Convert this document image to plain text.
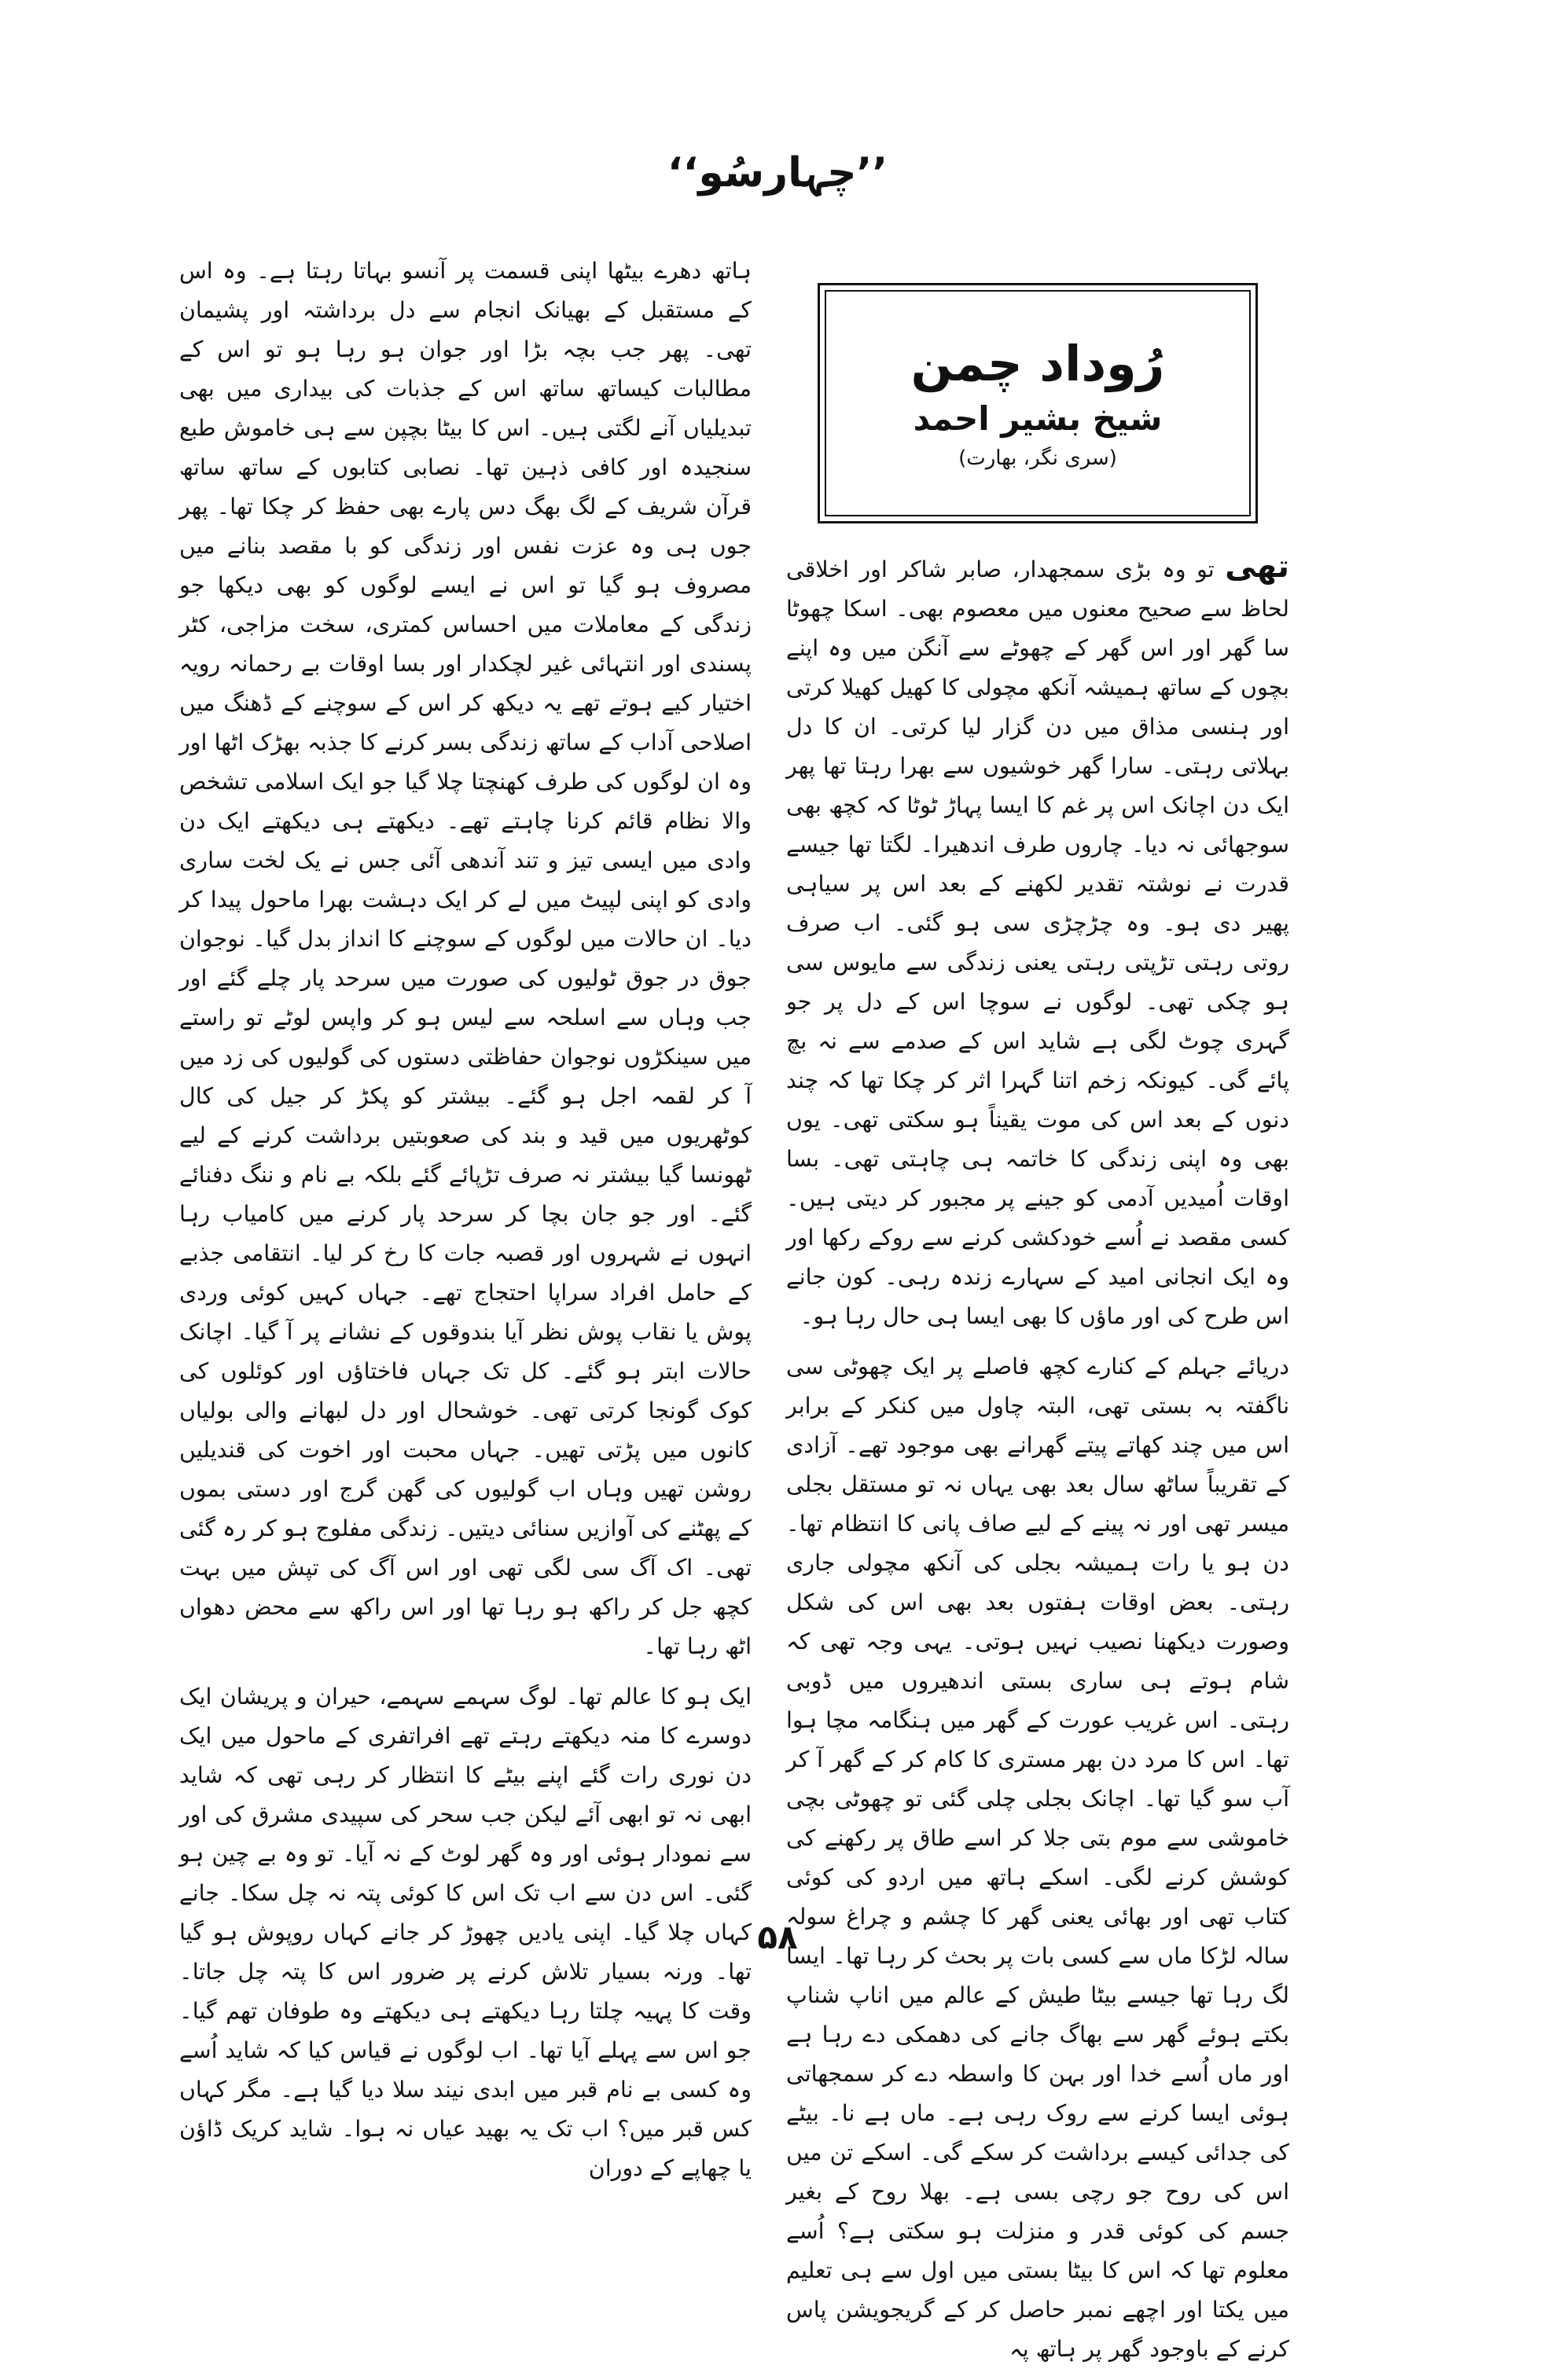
’’چہارسُو‘‘
رُوداد چمن
شیخ بشیر احمد
(سری نگر، بھارت)

تھی تو وہ بڑی سمجھدار، صابر شاکر اور اخلاقی لحاظ سے صحیح معنوں میں معصوم بھی۔ اسکا چھوٹا سا گھر اور اس گھر کے چھوٹے سے آنگن میں وہ اپنے بچوں کے ساتھ ہمیشہ آنکھ مچولی کا کھیل کھیلا کرتی اور ہنسی مذاق میں دن گزار لیا کرتی۔ ان کا دل بہلاتی رہتی۔ سارا گھر خوشیوں سے بھرا رہتا تھا پھر ایک دن اچانک اس پر غم کا ایسا پہاڑ ٹوٹا کہ کچھ بھی سوجھائی نہ دیا۔ چاروں طرف اندھیرا۔ لگتا تھا جیسے قدرت نے نوشتہ تقدیر لکھنے کے بعد اس پر سیاہی پھیر دی ہو۔ وہ چڑچڑی سی ہو گئی۔ اب صرف روتی رہتی تڑپتی رہتی یعنی زندگی سے مایوس سی ہو چکی تھی۔ لوگوں نے سوچا اس کے دل پر جو گہری چوٹ لگی ہے شاید اس کے صدمے سے نہ بچ پائے گی۔ کیونکہ زخم اتنا گہرا اثر کر چکا تھا کہ چند دنوں کے بعد اس کی موت یقیناً ہو سکتی تھی۔ یوں بھی وہ اپنی زندگی کا خاتمہ ہی چاہتی تھی۔ بسا اوقات اُمیدیں آدمی کو جینے پر مجبور کر دیتی ہیں۔ کسی مقصد نے اُسے خودکشی کرنے سے روکے رکھا اور وہ ایک انجانی امید کے سہارے زندہ رہی۔ کون جانے اس طرح کی اور ماؤں کا بھی ایسا ہی حال رہا ہو۔

دریائے جہلم کے کنارے کچھ فاصلے پر ایک چھوٹی سی ناگفتہ بہ بستی تھی، البتہ چاول میں کنکر کے برابر اس میں چند کھاتے پیتے گھرانے بھی موجود تھے۔ آزادی کے تقریباً ساٹھ سال بعد بھی یہاں نہ تو مستقل بجلی میسر تھی اور نہ پینے کے لیے صاف پانی کا انتظام تھا۔ دن ہو یا رات ہمیشہ بجلی کی آنکھ مچولی جاری رہتی۔ بعض اوقات ہفتوں بعد بھی اس کی شکل وصورت دیکھنا نصیب نہیں ہوتی۔ یہی وجہ تھی کہ شام ہوتے ہی ساری بستی اندھیروں میں ڈوبی رہتی۔ اس غریب عورت کے گھر میں ہنگامہ مچا ہوا تھا۔ اس کا مرد دن بھر مستری کا کام کر کے گھر آ کر آب سو گیا تھا۔ اچانک بجلی چلی گئی تو چھوٹی بچی خاموشی سے موم بتی جلا کر اسے طاق پر رکھنے کی کوشش کرنے لگی۔ اسکے ہاتھ میں اردو کی کوئی کتاب تھی اور بھائی یعنی گھر کا چشم و چراغ سولہ سالہ لڑکا ماں سے کسی بات پر بحث کر رہا تھا۔ ایسا لگ رہا تھا جیسے بیٹا طیش کے عالم میں اناپ شناپ بکتے ہوئے گھر سے بھاگ جانے کی دھمکی دے رہا ہے اور ماں اُسے خدا اور بہن کا واسطہ دے کر سمجھاتی ہوئی ایسا کرنے سے روک رہی ہے۔ ماں ہے نا۔ بیٹے کی جدائی کیسے برداشت کر سکے گی۔ اسکے تن میں اس کی روح جو رچی بسی ہے۔ بھلا روح کے بغیر جسم کی کوئی قدر و منزلت ہو سکتی ہے؟ اُسے معلوم تھا کہ اس کا بیٹا بستی میں اول سے ہی تعلیم میں یکتا اور اچھے نمبر حاصل کر کے گریجویشن پاس کرنے کے باوجود گھر پر ہاتھ پہ

ہاتھ دھرے بیٹھا اپنی قسمت پر آنسو بہاتا رہتا ہے۔ وہ اس کے مستقبل کے بھیانک انجام سے دل برداشتہ اور پشیمان تھی۔ پھر جب بچہ بڑا اور جوان ہو رہا ہو تو اس کے مطالبات کیساتھ ساتھ اس کے جذبات کی بیداری میں بھی تبدیلیاں آنے لگتی ہیں۔ اس کا بیٹا بچپن سے ہی خاموش طبع سنجیدہ اور کافی ذہین تھا۔ نصابی کتابوں کے ساتھ ساتھ قرآن شریف کے لگ بھگ دس پارے بھی حفظ کر چکا تھا۔ پھر جوں ہی وہ عزت نفس اور زندگی کو با مقصد بنانے میں مصروف ہو گیا تو اس نے ایسے لوگوں کو بھی دیکھا جو زندگی کے معاملات میں احساس کمتری، سخت مزاجی، کٹر پسندی اور انتہائی غیر لچکدار اور بسا اوقات بے رحمانہ رویہ اختیار کیے ہوتے تھے یہ دیکھ کر اس کے سوچنے کے ڈھنگ میں اصلاحی آداب کے ساتھ زندگی بسر کرنے کا جذبہ بھڑک اٹھا اور وہ ان لوگوں کی طرف کھنچتا چلا گیا جو ایک اسلامی تشخص والا نظام قائم کرنا چاہتے تھے۔ دیکھتے ہی دیکھتے ایک دن وادی میں ایسی تیز و تند آندھی آئی جس نے یک لخت ساری وادی کو اپنی لپیٹ میں لے کر ایک دہشت بھرا ماحول پیدا کر دیا۔ ان حالات میں لوگوں کے سوچنے کا انداز بدل گیا۔ نوجوان جوق در جوق ٹولیوں کی صورت میں سرحد پار چلے گئے اور جب وہاں سے اسلحہ سے لیس ہو کر واپس لوٹے تو راستے میں سینکڑوں نوجوان حفاظتی دستوں کی گولیوں کی زد میں آ کر لقمہ اجل ہو گئے۔ بیشتر کو پکڑ کر جیل کی کال کوٹھریوں میں قید و بند کی صعوبتیں برداشت کرنے کے لیے ٹھونسا گیا بیشتر نہ صرف تڑپائے گئے بلکہ بے نام و ننگ دفنائے گئے۔ اور جو جان بچا کر سرحد پار کرنے میں کامیاب رہا انہوں نے شہروں اور قصبہ جات کا رخ کر لیا۔ انتقامی جذبے کے حامل افراد سراپا احتجاج تھے۔ جہاں کہیں کوئی وردی پوش یا نقاب پوش نظر آیا بندوقوں کے نشانے پر آ گیا۔ اچانک حالات ابتر ہو گئے۔ کل تک جہاں فاختاؤں اور کوئلوں کی کوک گونجا کرتی تھی۔ خوشحال اور دل لبھانے والی بولیاں کانوں میں پڑتی تھیں۔ جہاں محبت اور اخوت کی قندیلیں روشن تھیں وہاں اب گولیوں کی گھن گرج اور دستی بموں کے پھٹنے کی آوازیں سنائی دیتیں۔ زندگی مفلوج ہو کر رہ گئی تھی۔ اک آگ سی لگی تھی اور اس آگ کی تپش میں بہت کچھ جل کر راکھ ہو رہا تھا اور اس راکھ سے محض دھواں اٹھ رہا تھا۔

ایک ہو کا عالم تھا۔ لوگ سہمے سہمے، حیران و پریشان ایک دوسرے کا منہ دیکھتے رہتے تھے افراتفری کے ماحول میں ایک دن نوری رات گئے اپنے بیٹے کا انتظار کر رہی تھی کہ شاید ابھی نہ تو ابھی آئے لیکن جب سحر کی سپیدی مشرق کی اور سے نمودار ہوئی اور وہ گھر لوٹ کے نہ آیا۔ تو وہ بے چین ہو گئی۔ اس دن سے اب تک اس کا کوئی پتہ نہ چل سکا۔ جانے کہاں چلا گیا۔ اپنی یادیں چھوڑ کر جانے کہاں روپوش ہو گیا تھا۔ ورنہ بسیار تلاش کرنے پر ضرور اس کا پتہ چل جاتا۔ وقت کا پہیہ چلتا رہا دیکھتے ہی دیکھتے وہ طوفان تھم گیا۔ جو اس سے پہلے آیا تھا۔ اب لوگوں نے قیاس کیا کہ شاید اُسے وہ کسی بے نام قبر میں ابدی نیند سلا دیا گیا ہے۔ مگر کہاں کس قبر میں؟ اب تک یہ بھید عیاں نہ ہوا۔ شاید کریک ڈاؤن یا چھاپے کے دوران

۵۸
